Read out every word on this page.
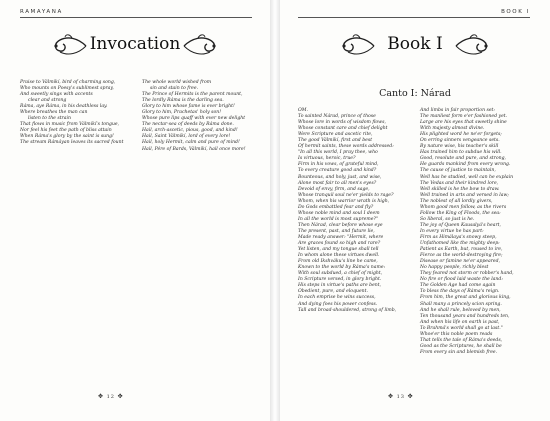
RAMAYANA
Invocation
Praise to Válmíkí, bird of charming song,
Who mounts on Poesy's sublimest spray,
And sweetly sings with accents
clear and strong
Ráma, aye Ráma, in his deathless lay.
Where breathes the man can
listen to the strain
That flows in music from Válmíkí's tongue,
Nor feel his feet the path of bliss attain
When Ráma's glory by the saint is sung!
The stream Rámáyan leaves its sacred fount
The whole world wished from
sin and stain to free.
The Prince of Hermits is the parent mount,
The lordly Ráma is the darling sea.
Glory to him whose fame is ever bright!
Glory to him, Prachetas' holy son!
Whose pure lips quaff with ever new delight
The nectar-sea of deeds by Ráma done.
Hail, arch-ascetic, pious, good, and kind!
Hail, Saint Válmíkí, lord of every lore!
Hail, holy Hermit, calm and pure of mind!
Hail, Pére of Bards, Válmíkí, hail once more!
✥ 12 ✥
BOOK I
Book I
Canto I: Nárad
OM.
To sainted Nárad, prince of those
Whose lore in words of wisdom flows,
Whose constant care and chief delight
Were Scripture and ascetic rite,
The good Válmíkí, first and best
Of hermit saints, these words addressed:
"In all this world, I pray thee, who
Is virtuous, heroic, true?
Firm in his vows, of grateful mind,
To every creature good and kind?
Bounteous, and holy, just, and wise,
Alone most fair to all men's eyes?
Devoid of envy, firm, and sage,
Whose tranquil soul ne'er yields to rage?
Whom, when his warrior wrath is high,
Do Gods embattled fear and fly?
Whose noble mind and soul I deem
In all the world is most supreme?"
Then Nárad, clear before whose eye
The present, past, and future lie,
Made ready answer: "Hermit, where
Are graces found so high and rare?
Yet listen, and my tongue shall tell
In whom alone these virtues dwell.
From old Ikshváku's line he came,
Known to the world by Ráma's name:
With soul subdued, a chief of might,
In Scripture versed, in glory bright.
His steps in virtue's paths are bent,
Obedient, pure, and eloquent.
In each emprise he wins success,
And dying foes his power confess.
Tall and broad-shouldered, strong of limb,
And limbs in fair proportion set:
The manliest form e'er fashioned yet.
Large are his eyes that sweetly shine
With majesty almost divine.
His plighted word he ne'er forgets;
On erring sinners vengeance sets.
By nature wise, his teacher's skill
Has trained him to subdue his will.
Good, resolute and pure, and strong,
He guards mankind from every wrong.
The cause of justice to maintain,
Well has he studied, well can he explain
The Vedas and their kindred lore,
Well skilled is he the bow to draw.
Well trained in arts and versed in law;
The noblest of all lordly givers,
Whom good men follow, as the rivers
Follow the King of Floods, the sea:
So liberal, so just is he.
The joy of Queen Kausalyá's heart,
In every virtue he has part:
Firm as Himálaya's snowy steep,
Unfathomed like the mighty deep:
Patient as Earth, but, roused to ire,
Fierce as the world-destroying fire;
Disease or famine ne'er appeared,
No happy people, richly blest
They feared not storm or robber's hand,
No fire or flood laid waste the land:
The Golden Age had come again
To bless the days of Ráma's reign.
From him, the great and glorious king,
Shall many a princely scion spring.
And he shall rule, beloved by men,
Ten thousand years and hundreds ten,
And when his life on earth is past,
To Brahmá's world shall go at last."
Whoe'er this noble poem reads
That tells the tale of Ráma's deeds,
Good as the Scriptures, he shall be
From every sin and blemish free.
✥ 13 ✥
